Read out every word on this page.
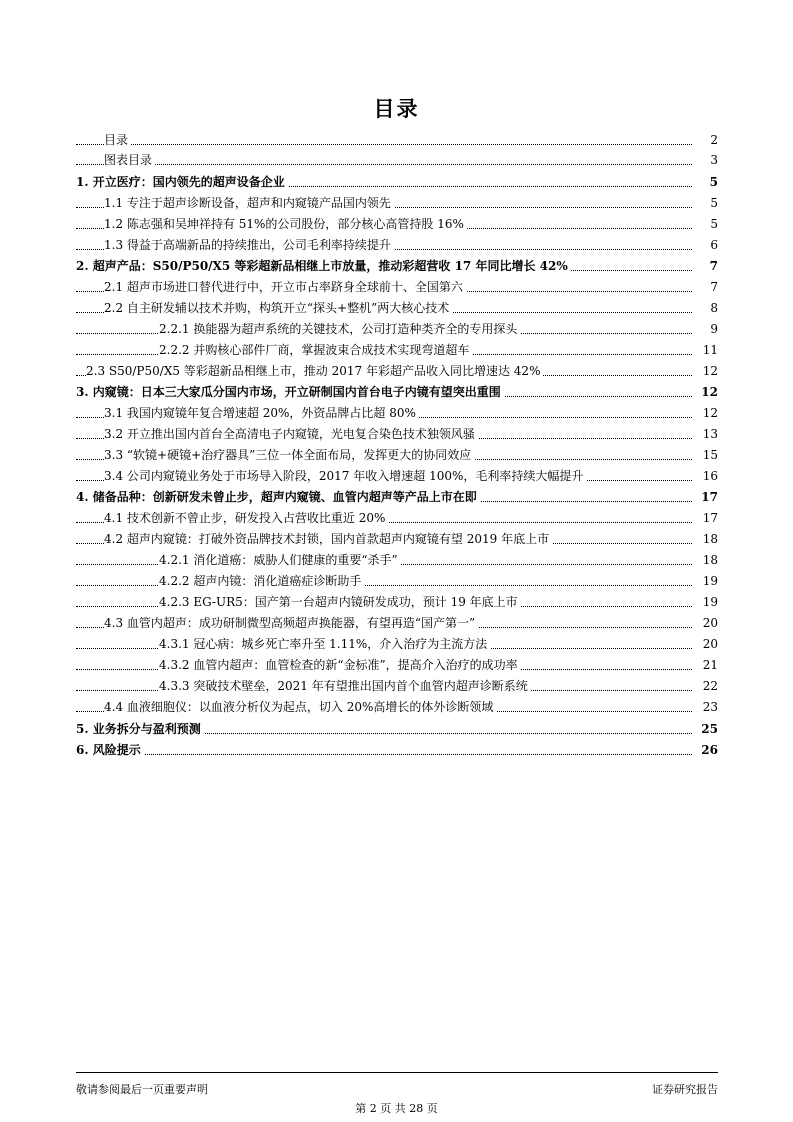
目录
目录	2
图表目录	3
1. 开立医疗：国内领先的超声设备企业	5
1.1 专注于超声诊断设备，超声和内窥镜产品国内领先	5
1.2 陈志强和吴坤祥持有 51%的公司股份，部分核心高管持股 16%	5
1.3 得益于高端新品的持续推出，公司毛利率持续提升	6
2. 超声产品：S50/P50/X5 等彩超新品相继上市放量，推动彩超营收 17 年同比增长 42%	7
2.1 超声市场进口替代进行中，开立市占率跻身全球前十、全国第六	7
2.2 自主研发辅以技术并购，构筑开立“探头+整机”两大核心技术	8
2.2.1 换能器为超声系统的关键技术，公司打造种类齐全的专用探头	9
2.2.2 并购核心部件厂商，掌握波束合成技术实现弯道超车	11
2.3 S50/P50/X5 等彩超新品相继上市，推动 2017 年彩超产品收入同比增速达 42%	12
3. 内窥镜：日本三大家瓜分国内市场，开立研制国内首台电子内镜有望突出重围	12
3.1 我国内窥镜年复合增速超 20%，外资品牌占比超 80%	12
3.2 开立推出国内首台全高清电子内窥镜，光电复合染色技术独领风骚	13
3.3 “软镜+硬镜+治疗器具”三位一体全面布局，发挥更大的协同效应	15
3.4 公司内窥镜业务处于市场导入阶段，2017 年收入增速超 100%，毛利率持续大幅提升	16
4. 储备品种：创新研发未曾止步，超声内窥镜、血管内超声等产品上市在即	17
4.1 技术创新不曾止步，研发投入占营收比重近 20%	17
4.2 超声内窥镜：打破外资品牌技术封锁，国内首款超声内窥镜有望 2019 年底上市	18
4.2.1 消化道癌：威胁人们健康的重要“杀手”	18
4.2.2 超声内镜：消化道癌症诊断助手	19
4.2.3 EG-UR5：国产第一台超声内镜研发成功，预计 19 年底上市	19
4.3 血管内超声：成功研制微型高频超声换能器，有望再造“国产第一”	20
4.3.1 冠心病：城乡死亡率升至 1.11%，介入治疗为主流方法	20
4.3.2 血管内超声：血管检查的新“金标准”，提高介入治疗的成功率	21
4.3.3 突破技术壁垒，2021 年有望推出国内首个血管内超声诊断系统	22
4.4 血液细胞仪：以血液分析仪为起点，切入 20%高增长的体外诊断领域	23
5. 业务拆分与盈利预测	25
6. 风险提示	26
敬请参阅最后一页重要声明	证券研究报告
第 2 页 共 28 页
